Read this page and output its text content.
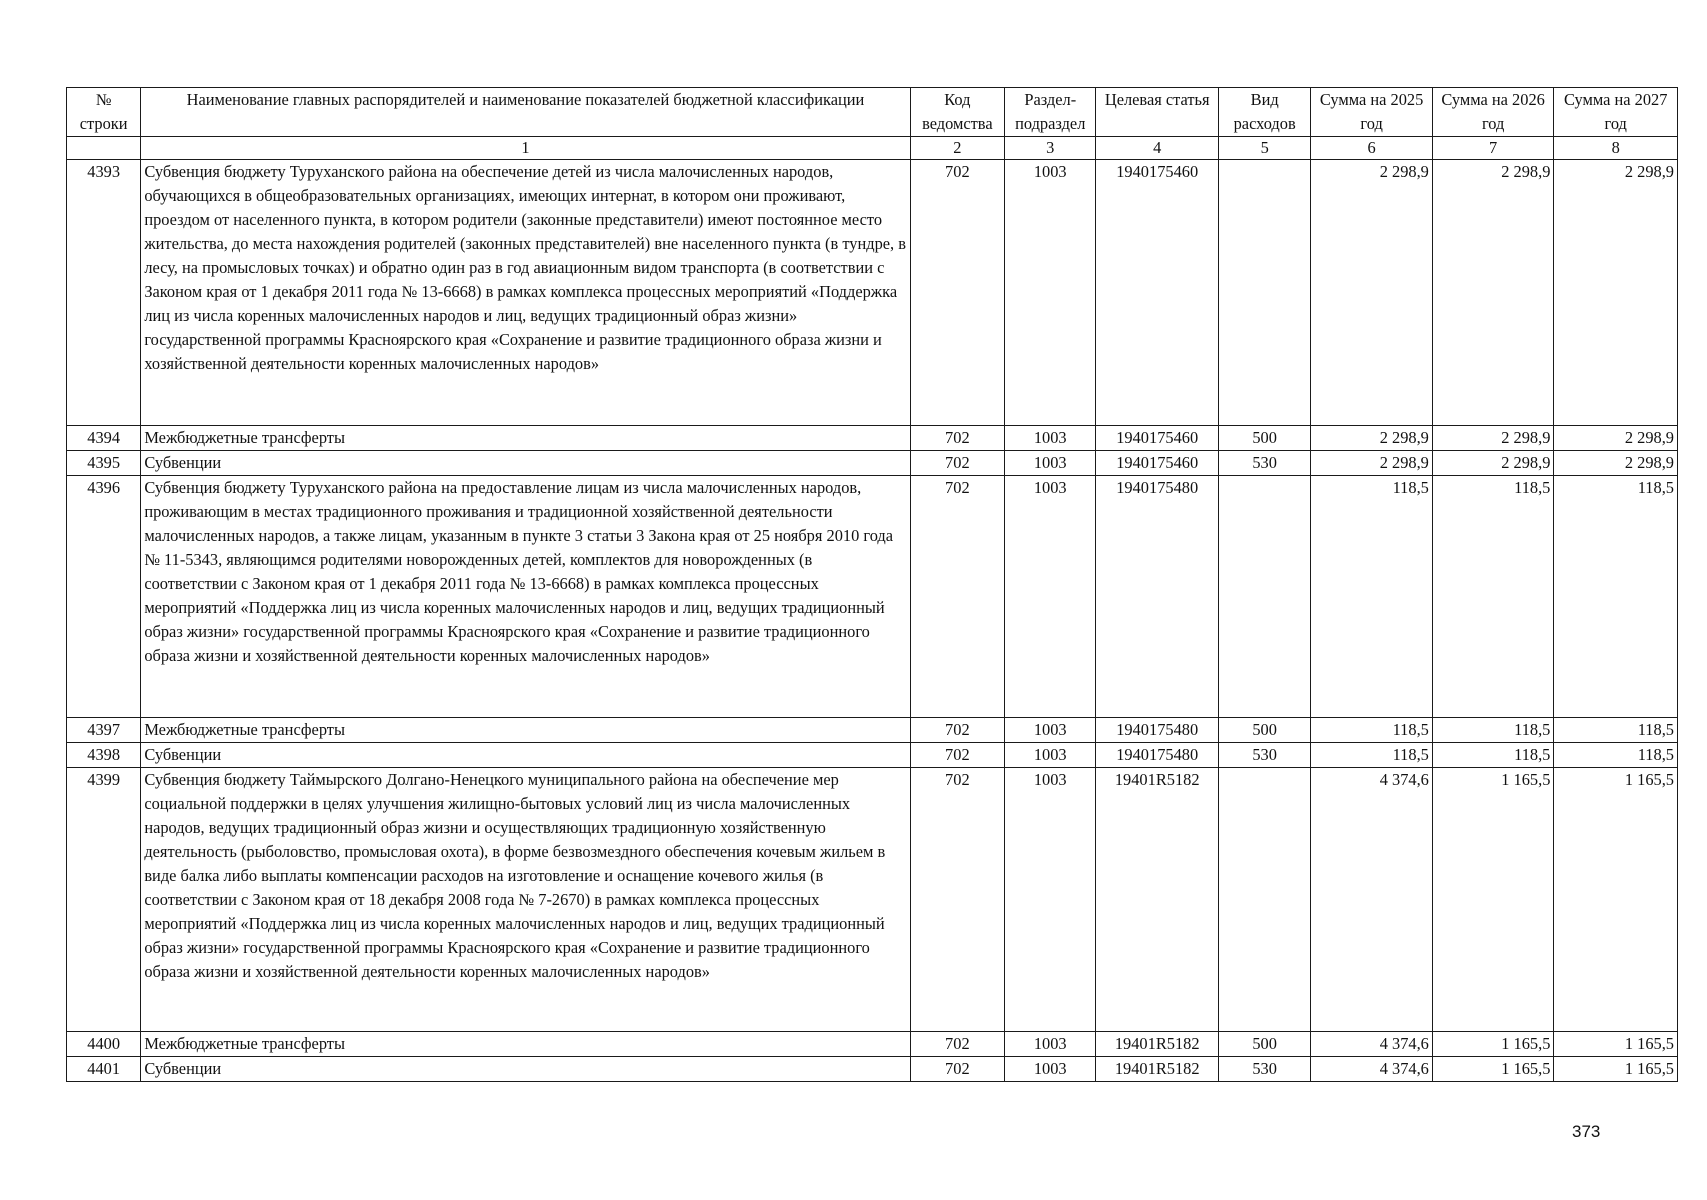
№ строки	Наименование главных распорядителей и наименование показателей бюджетной классификации	Код ведомства	Раздел-подраздел	Целевая статья	Вид расходов	Сумма на 2025 год	Сумма на 2026 год	Сумма на 2027 год
	1	2	3	4	5	6	7	8
4393	Субвенция бюджету Туруханского района на обеспечение детей из числа малочисленных народов, обучающихся в общеобразовательных организациях, имеющих интернат, в котором они проживают, проездом от населенного пункта, в котором родители (законные представители) имеют постоянное место жительства, до места нахождения родителей (законных представителей) вне населенного пункта (в тундре, в лесу, на промысловых точках) и обратно один раз в год авиационным видом транспорта (в соответствии с Законом края от 1 декабря 2011 года № 13-6668) в рамках комплекса процессных мероприятий «Поддержка лиц из числа коренных малочисленных народов и лиц, ведущих традиционный образ жизни» государственной программы Красноярского края «Сохранение и развитие традиционного образа жизни и хозяйственной деятельности коренных малочисленных народов»	702	1003	1940175460		2 298,9	2 298,9	2 298,9
4394	Межбюджетные трансферты	702	1003	1940175460	500	2 298,9	2 298,9	2 298,9
4395	Субвенции	702	1003	1940175460	530	2 298,9	2 298,9	2 298,9
4396	Субвенция бюджету Туруханского района на предоставление лицам из числа малочисленных народов, проживающим в местах традиционного проживания и традиционной хозяйственной деятельности малочисленных народов, а также лицам, указанным в пункте 3 статьи 3 Закона края от 25 ноября 2010 года № 11-5343, являющимся родителями новорожденных детей, комплектов для новорожденных (в соответствии с Законом края от 1 декабря 2011 года № 13-6668) в рамках комплекса процессных мероприятий «Поддержка лиц из числа коренных малочисленных народов и лиц, ведущих традиционный образ жизни» государственной программы Красноярского края «Сохранение и развитие традиционного образа жизни и хозяйственной деятельности коренных малочисленных народов»	702	1003	1940175480		118,5	118,5	118,5
4397	Межбюджетные трансферты	702	1003	1940175480	500	118,5	118,5	118,5
4398	Субвенции	702	1003	1940175480	530	118,5	118,5	118,5
4399	Субвенция бюджету Таймырского Долгано-Ненецкого муниципального района на обеспечение мер социальной поддержки в целях улучшения жилищно-бытовых условий лиц из числа малочисленных народов, ведущих традиционный образ жизни и осуществляющих традиционную хозяйственную деятельность (рыболовство, промысловая охота), в форме безвозмездного обеспечения кочевым жильем в виде балка либо выплаты компенсации расходов на изготовление и оснащение кочевого жилья (в соответствии с Законом края от 18 декабря 2008 года № 7-2670) в рамках комплекса процессных мероприятий «Поддержка лиц из числа коренных малочисленных народов и лиц, ведущих традиционный образ жизни» государственной программы Красноярского края «Сохранение и развитие традиционного образа жизни и хозяйственной деятельности коренных малочисленных народов»	702	1003	19401R5182		4 374,6	1 165,5	1 165,5
4400	Межбюджетные трансферты	702	1003	19401R5182	500	4 374,6	1 165,5	1 165,5
4401	Субвенции	702	1003	19401R5182	530	4 374,6	1 165,5	1 165,5
373
